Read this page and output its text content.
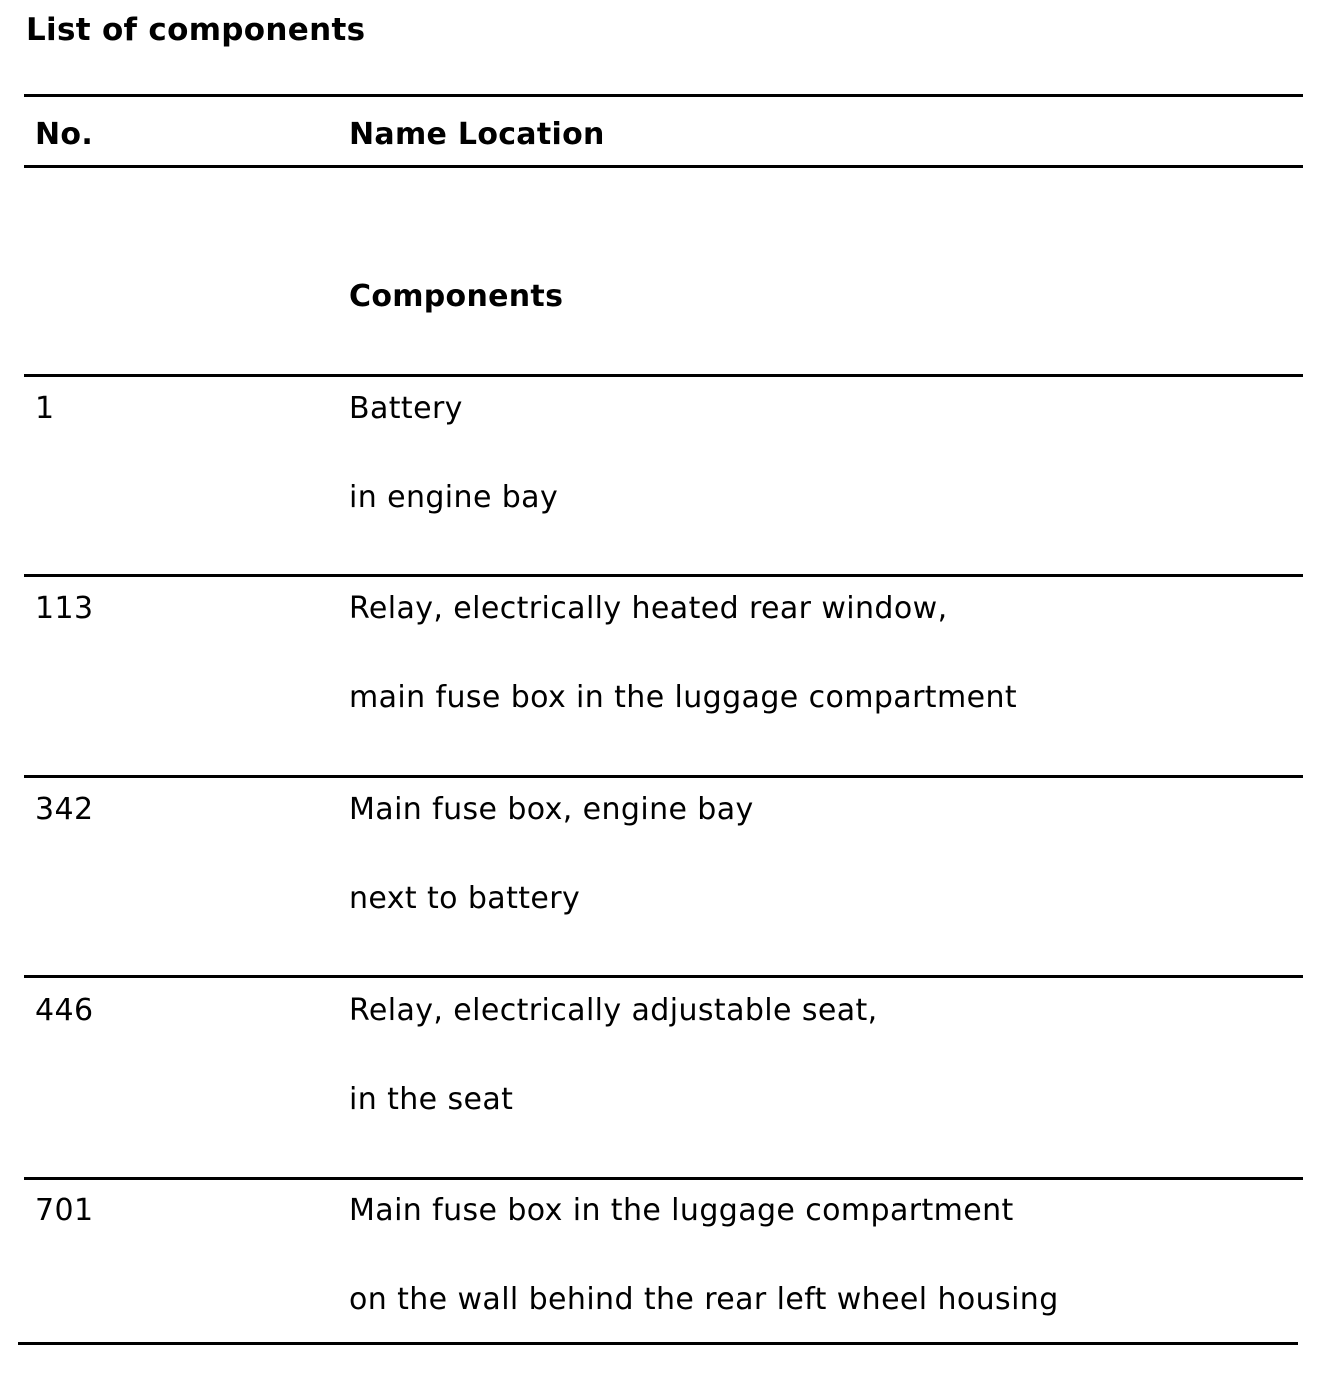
List of components
No.	Name Location
Components
1	Battery
in engine bay
113	Relay, electrically heated rear window,
main fuse box in the luggage compartment
342	Main fuse box, engine bay
next to battery
446	Relay, electrically adjustable seat,
in the seat
701	Main fuse box in the luggage compartment
on the wall behind the rear left wheel housing
